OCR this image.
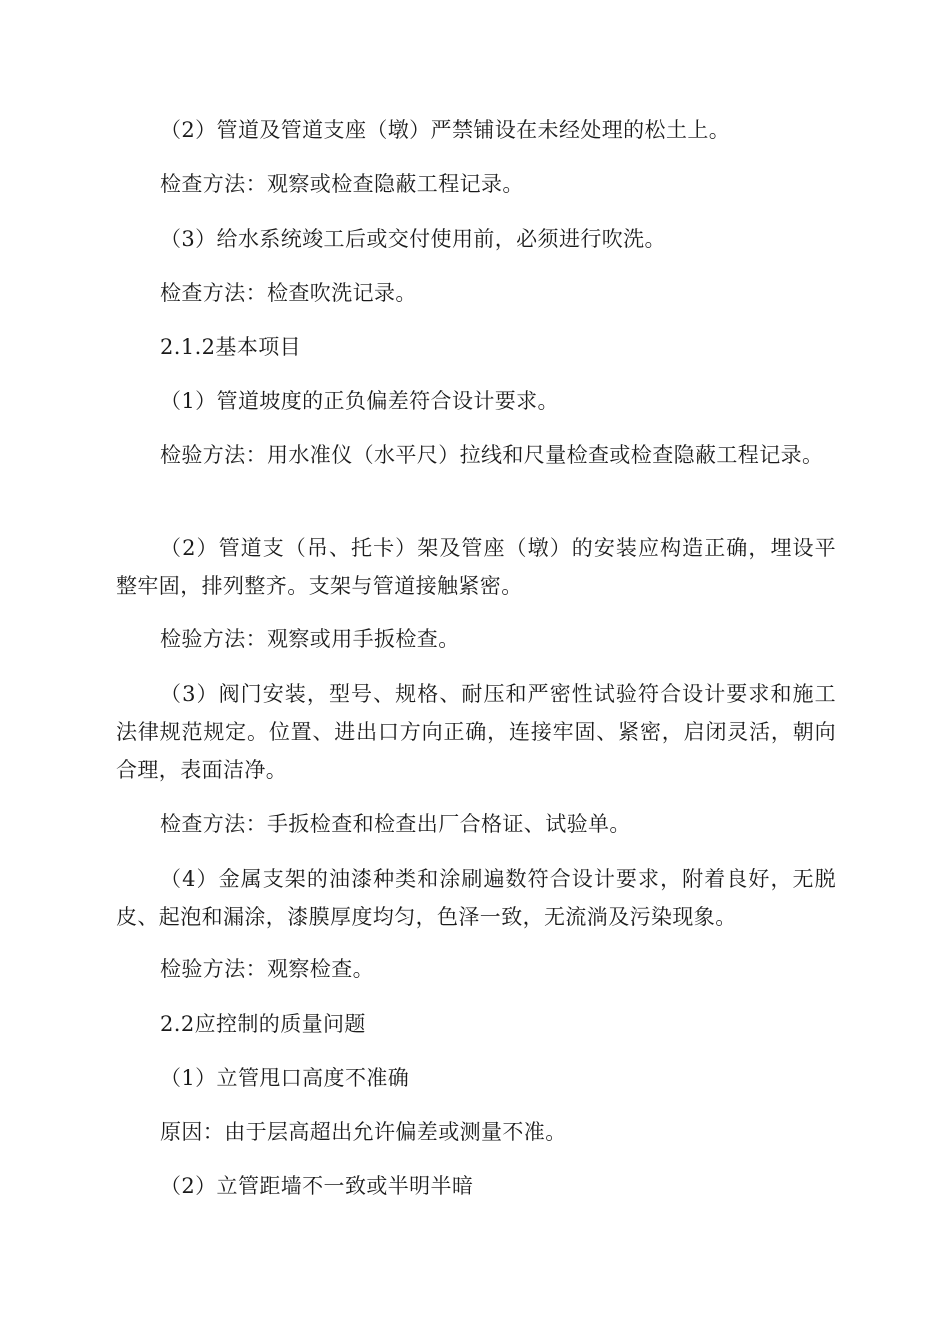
（2）管道及管道支座（墩）严禁铺设在未经处理的松土上。

检查方法：观察或检查隐蔽工程记录。

（3）给水系统竣工后或交付使用前，必须进行吹洗。

检查方法：检查吹洗记录。

2.1.2基本项目

（1）管道坡度的正负偏差符合设计要求。

检验方法：用水准仪（水平尺）拉线和尺量检查或检查隐蔽工程记录。

（2）管道支（吊、托卡）架及管座（墩）的安装应构造正确，埋设平整牢固，排列整齐。支架与管道接触紧密。

检验方法：观察或用手扳检查。

（3）阀门安装，型号、规格、耐压和严密性试验符合设计要求和施工法律规范规定。位置、进出口方向正确，连接牢固、紧密，启闭灵活，朝向合理，表面洁净。

检查方法：手扳检查和检查出厂合格证、试验单。

（4）金属支架的油漆种类和涂刷遍数符合设计要求，附着良好，无脱皮、起泡和漏涂，漆膜厚度均匀，色泽一致，无流淌及污染现象。

检验方法：观察检查。

2.2应控制的质量问题

（1）立管甩口高度不准确

原因：由于层高超出允许偏差或测量不准。

（2）立管距墙不一致或半明半暗
